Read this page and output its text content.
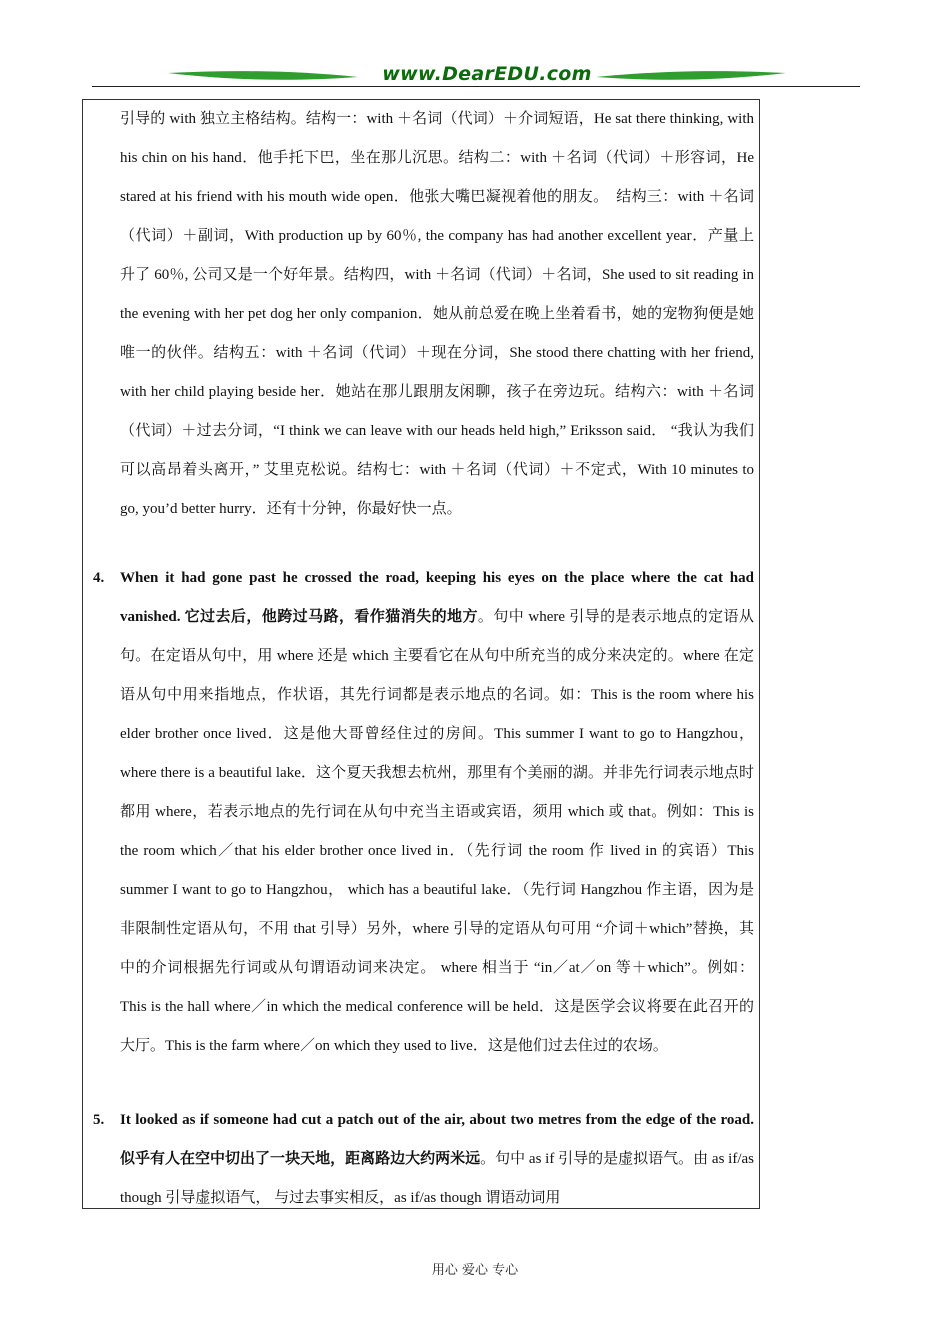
www.DearEDU.com

引导的 with 独立主格结构。结构一：with ＋名词（代词）＋介词短语，He sat there thinking, with his chin on his hand．他手托下巴，坐在那儿沉思。结构二：with ＋名词（代词）＋形容词，He stared at his friend with his mouth wide open．他张大嘴巴凝视着他的朋友。　结构三：with ＋名词（代词）＋副词，With production up by 60％, the company has had another excellent year．产量上升了 60％, 公司又是一个好年景。结构四，with ＋名词（代词）＋名词，She used to sit reading in the evening with her pet dog her only companion．她从前总爱在晚上坐着看书，她的宠物狗便是她唯一的伙伴。结构五：with ＋名词（代词）＋现在分词，She stood there chatting with her friend, with her child playing beside her．她站在那儿跟朋友闲聊，孩子在旁边玩。结构六：with ＋名词（代词）＋过去分词，“I think we can leave with our heads held high,” Eriksson said． “我认为我们可以高昂着头离开，” 艾里克松说。结构七：with ＋名词（代词）＋不定式，With 10 minutes to go, you’d better hurry．还有十分钟，你最好快一点。

4. When it had gone past he crossed the road, keeping his eyes on the place where the cat had vanished. 它过去后，他跨过马路，看作猫消失的地方。句中 where 引导的是表示地点的定语从句。在定语从句中，用 where 还是 which 主要看它在从句中所充当的成分来决定的。where 在定语从句中用来指地点，作状语，其先行词都是表示地点的名词。如：This is the room where his elder brother once lived．这是他大哥曾经住过的房间。This summer I want to go to Hangzhou，where there is a beautiful lake．这个夏天我想去杭州，那里有个美丽的湖。并非先行词表示地点时都用 where，若表示地点的先行词在从句中充当主语或宾语，须用 which 或 that。例如：This is the room which／that his elder brother once lived in．（先行词 the room 作 lived in 的宾语）This summer I want to go to Hangzhou， which has a beautiful lake．（先行词 Hangzhou 作主语，因为是非限制性定语从句，不用 that 引导）另外，where 引导的定语从句可用 “介词＋which”替换，其中的介词根据先行词或从句谓语动词来决定。 where 相当于 “in／at／on 等＋which”。例如： This is the hall where／in which the medical conference will be held．这是医学会议将要在此召开的大厅。This is the farm where／on which they used to live．这是他们过去住过的农场。

5. It looked as if someone had cut a patch out of the air, about two metres from the edge of the road. 似乎有人在空中切出了一块天地，距离路边大约两米远。句中 as if 引导的是虚拟语气。由 as if/as though 引导虚拟语气， 与过去事实相反，as if/as though 谓语动词用

用心 爱心 专心
